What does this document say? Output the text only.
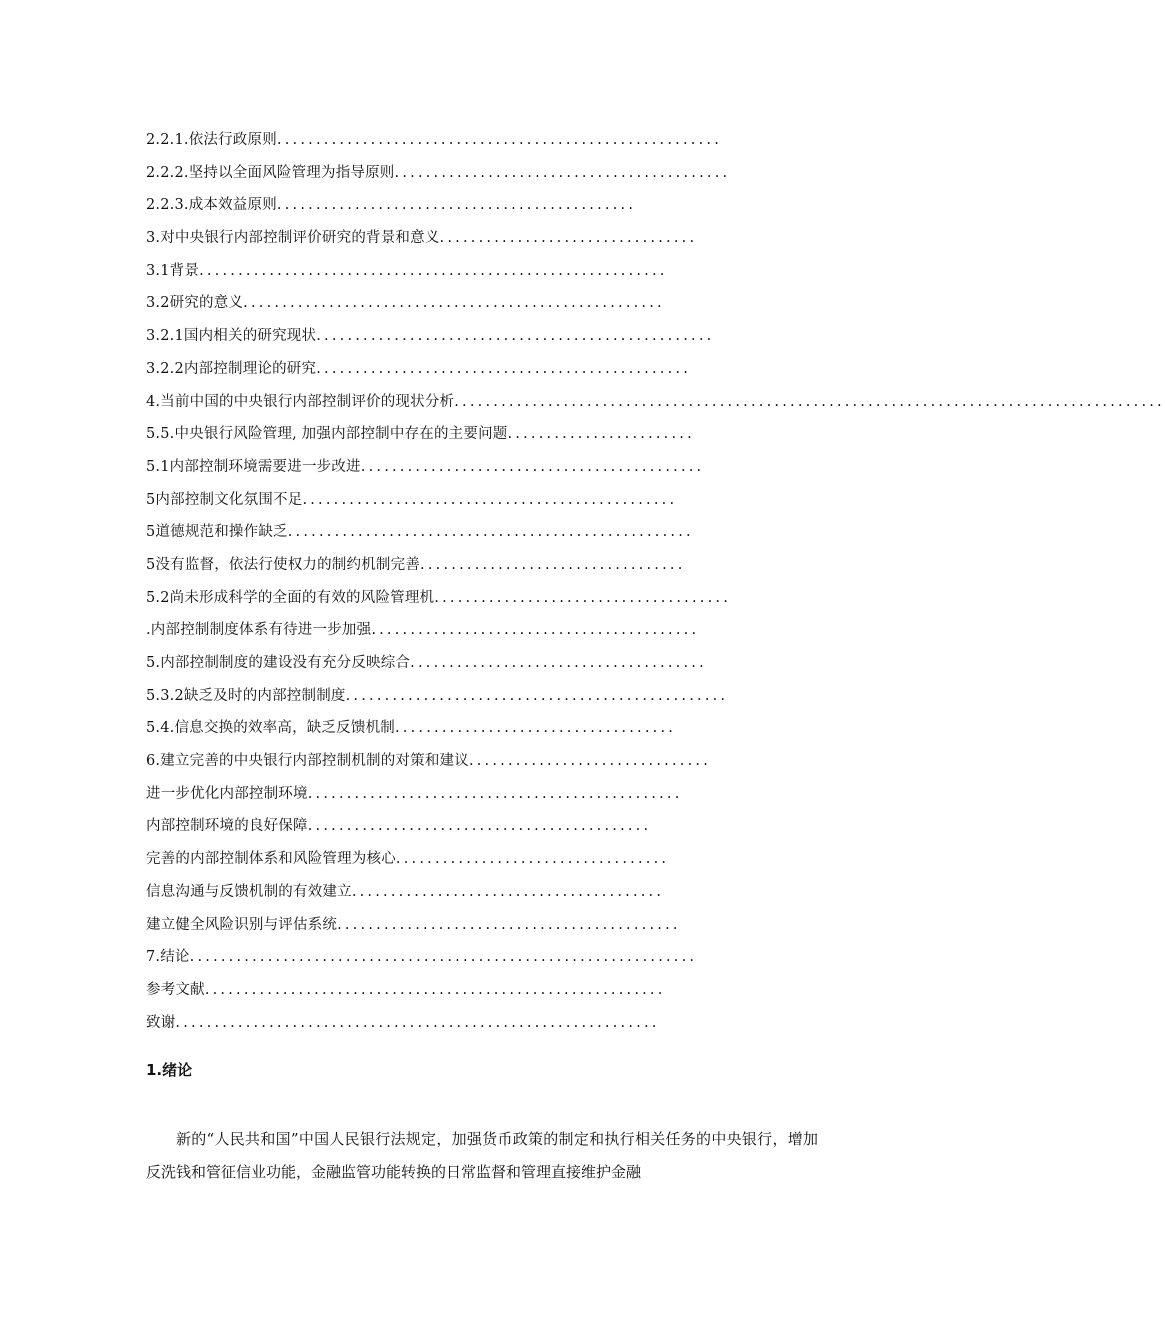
2.2.1.依法行政原则.........................................................
2.2.2.坚持以全面风险管理为指导原则...........................................
2.2.3.成本效益原则..............................................
3.对中央银行内部控制评价研究的背景和意义.................................
3.1背景............................................................
3.2研究的意义......................................................
3.2.1国内相关的研究现状...................................................
3.2.2内部控制理论的研究................................................
4.当前中国的中央银行内部控制评价的现状分析...........................................................................................
5.5.中央银行风险管理, 加强内部控制中存在的主要问题........................
5.1内部控制环境需要进一步改进............................................
5内部控制文化氛围不足................................................
5道德规范和操作缺乏....................................................
5没有监督，依法行使权力的制约机制完善..................................
5.2尚未形成科学的全面的有效的风险管理机......................................
.内部控制制度体系有待进一步加强..........................................
5.内部控制制度的建设没有充分反映综合......................................
5.3.2缺乏及时的内部控制制度.................................................
5.4.信息交换的效率高，缺乏反馈机制....................................
6.建立完善的中央银行内部控制机制的对策和建议...............................
进一步优化内部控制环境................................................
内部控制环境的良好保障............................................
完善的内部控制体系和风险管理为核心...................................
信息沟通与反馈机制的有效建立........................................
建立健全风险识别与评估系统............................................
7.结论.................................................................
参考文献...........................................................
致谢..............................................................
1.绪论
新的“人民共和国”中国人民银行法规定，加强货币政策的制定和执行相关任务的中央银行，增加反洗钱和管征信业功能，金融监管功能转换的日常监督和管理直接维护金融
